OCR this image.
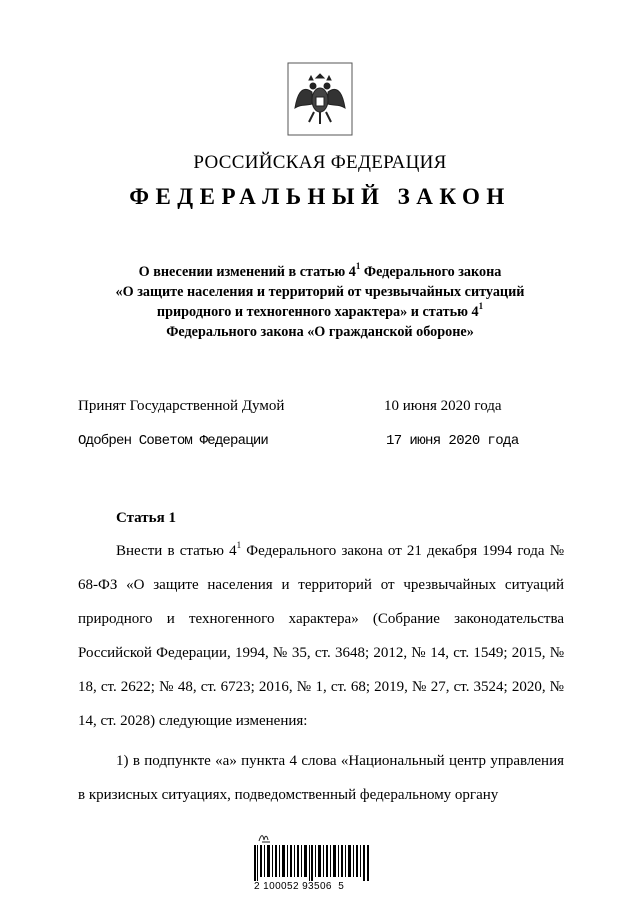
РОССИЙСКАЯ ФЕДЕРАЦИЯ
ФЕДЕРАЛЬНЫЙ ЗАКОН
О внесении изменений в статью $4^1$ Федерального закона
«О защите населения и территорий от чрезвычайных ситуаций
природного и техногенного характера» и статью $4^1$
Федерального закона «О гражданской обороне»
Принят Государственной Думой	10 июня 2020 года
Одобрен Советом Федерации	17 июня 2020 года
Статья 1
Внести в статью $4^1$ Федерального закона от 21 декабря 1994 года № 68-ФЗ «О защите населения и территорий от чрезвычайных ситуаций природного и техногенного характера» (Собрание законодательства Российской Федерации, 1994, № 35, ст. 3648; 2012, № 14, ст. 1549; 2015, № 18, ст. 2622; № 48, ст. 6723; 2016, № 1, ст. 68; 2019, № 27, ст. 3524; 2020, № 14, ст. 2028) следующие изменения:
1) в подпункте «а» пункта 4 слова «Национальный центр управления в кризисных ситуациях, подведомственный федеральному органу
2 100052 93506  5
